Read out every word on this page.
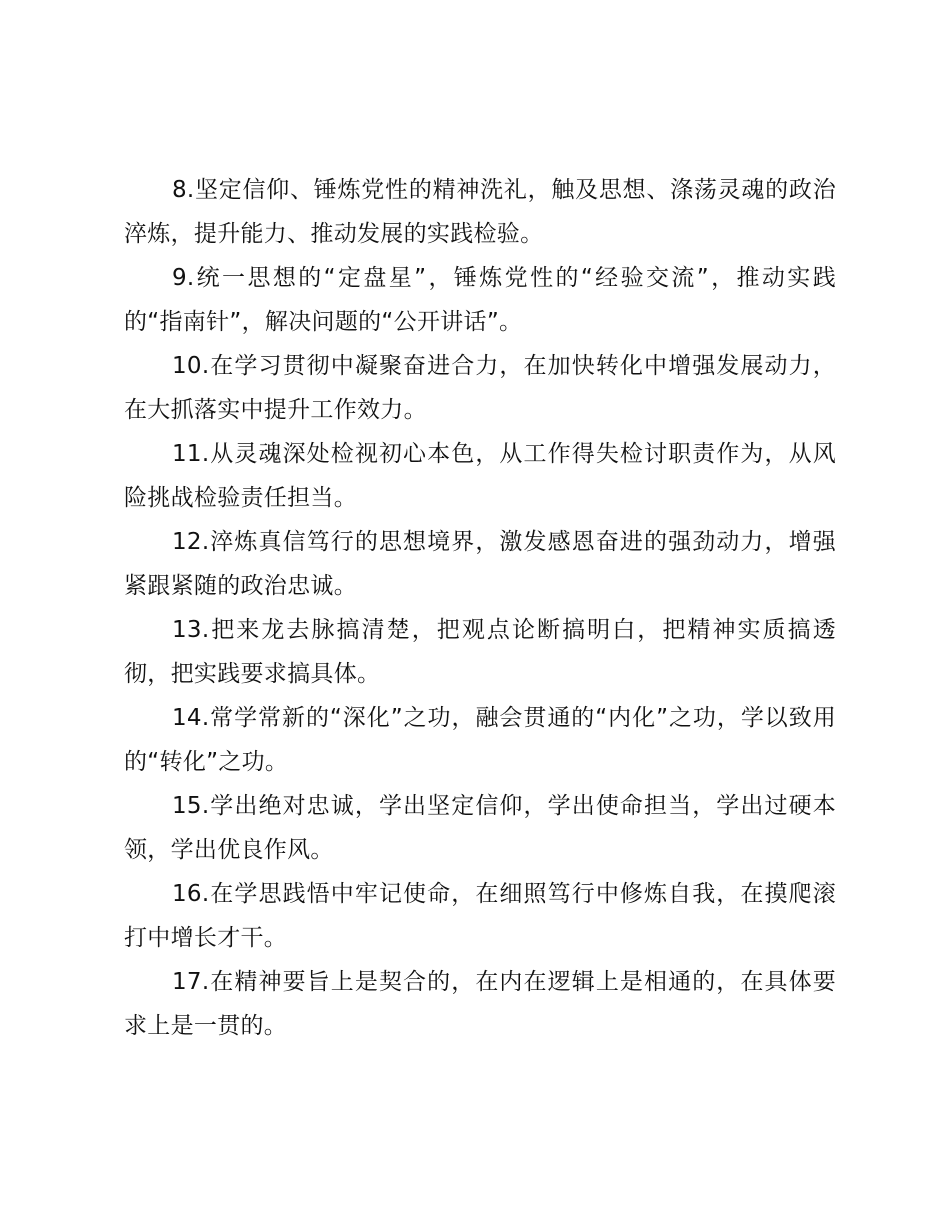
8.坚定信仰、锤炼党性的精神洗礼，触及思想、涤荡灵魂的政治淬炼，提升能力、推动发展的实践检验。

9.统一思想的“定盘星”，锤炼党性的“经验交流”，推动实践的“指南针”，解决问题的“公开讲话”。

10.在学习贯彻中凝聚奋进合力，在加快转化中增强发展动力，在大抓落实中提升工作效力。

11.从灵魂深处检视初心本色，从工作得失检讨职责作为，从风险挑战检验责任担当。

12.淬炼真信笃行的思想境界，激发感恩奋进的强劲动力，增强紧跟紧随的政治忠诚。

13.把来龙去脉搞清楚，把观点论断搞明白，把精神实质搞透彻，把实践要求搞具体。

14.常学常新的“深化”之功，融会贯通的“内化”之功，学以致用的“转化”之功。

15.学出绝对忠诚，学出坚定信仰，学出使命担当，学出过硬本领，学出优良作风。

16.在学思践悟中牢记使命，在细照笃行中修炼自我，在摸爬滚打中增长才干。

17.在精神要旨上是契合的，在内在逻辑上是相通的，在具体要求上是一贯的。
